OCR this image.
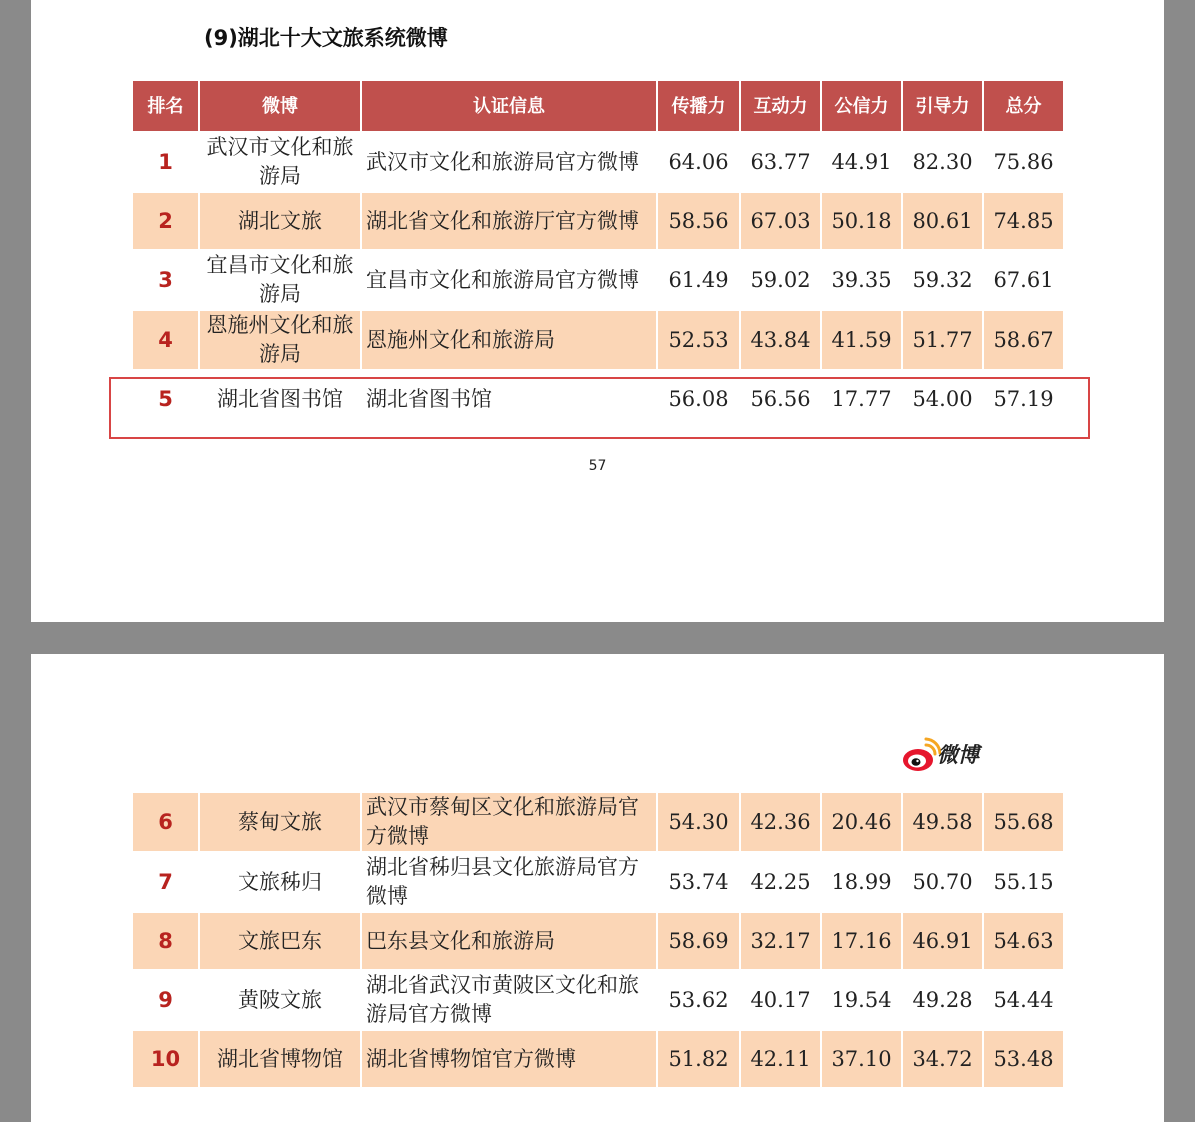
(9)湖北十大文旅系统微博
排名	微博	认证信息	传播力	互动力	公信力	引导力	总分
1	武汉市文化和旅游局	武汉市文化和旅游局官方微博	64.06	63.77	44.91	82.30	75.86
2	湖北文旅	湖北省文化和旅游厅官方微博	58.56	67.03	50.18	80.61	74.85
3	宜昌市文化和旅游局	宜昌市文化和旅游局官方微博	61.49	59.02	39.35	59.32	67.61
4	恩施州文化和旅游局	恩施州文化和旅游局	52.53	43.84	41.59	51.77	58.67
5	湖北省图书馆	湖北省图书馆	56.08	56.56	17.77	54.00	57.19
57
微博
6	蔡甸文旅	武汉市蔡甸区文化和旅游局官方微博	54.30	42.36	20.46	49.58	55.68
7	文旅秭归	湖北省秭归县文化旅游局官方微博	53.74	42.25	18.99	50.70	55.15
8	文旅巴东	巴东县文化和旅游局	58.69	32.17	17.16	46.91	54.63
9	黄陂文旅	湖北省武汉市黄陂区文化和旅游局官方微博	53.62	40.17	19.54	49.28	54.44
10	湖北省博物馆	湖北省博物馆官方微博	51.82	42.11	37.10	34.72	53.48
